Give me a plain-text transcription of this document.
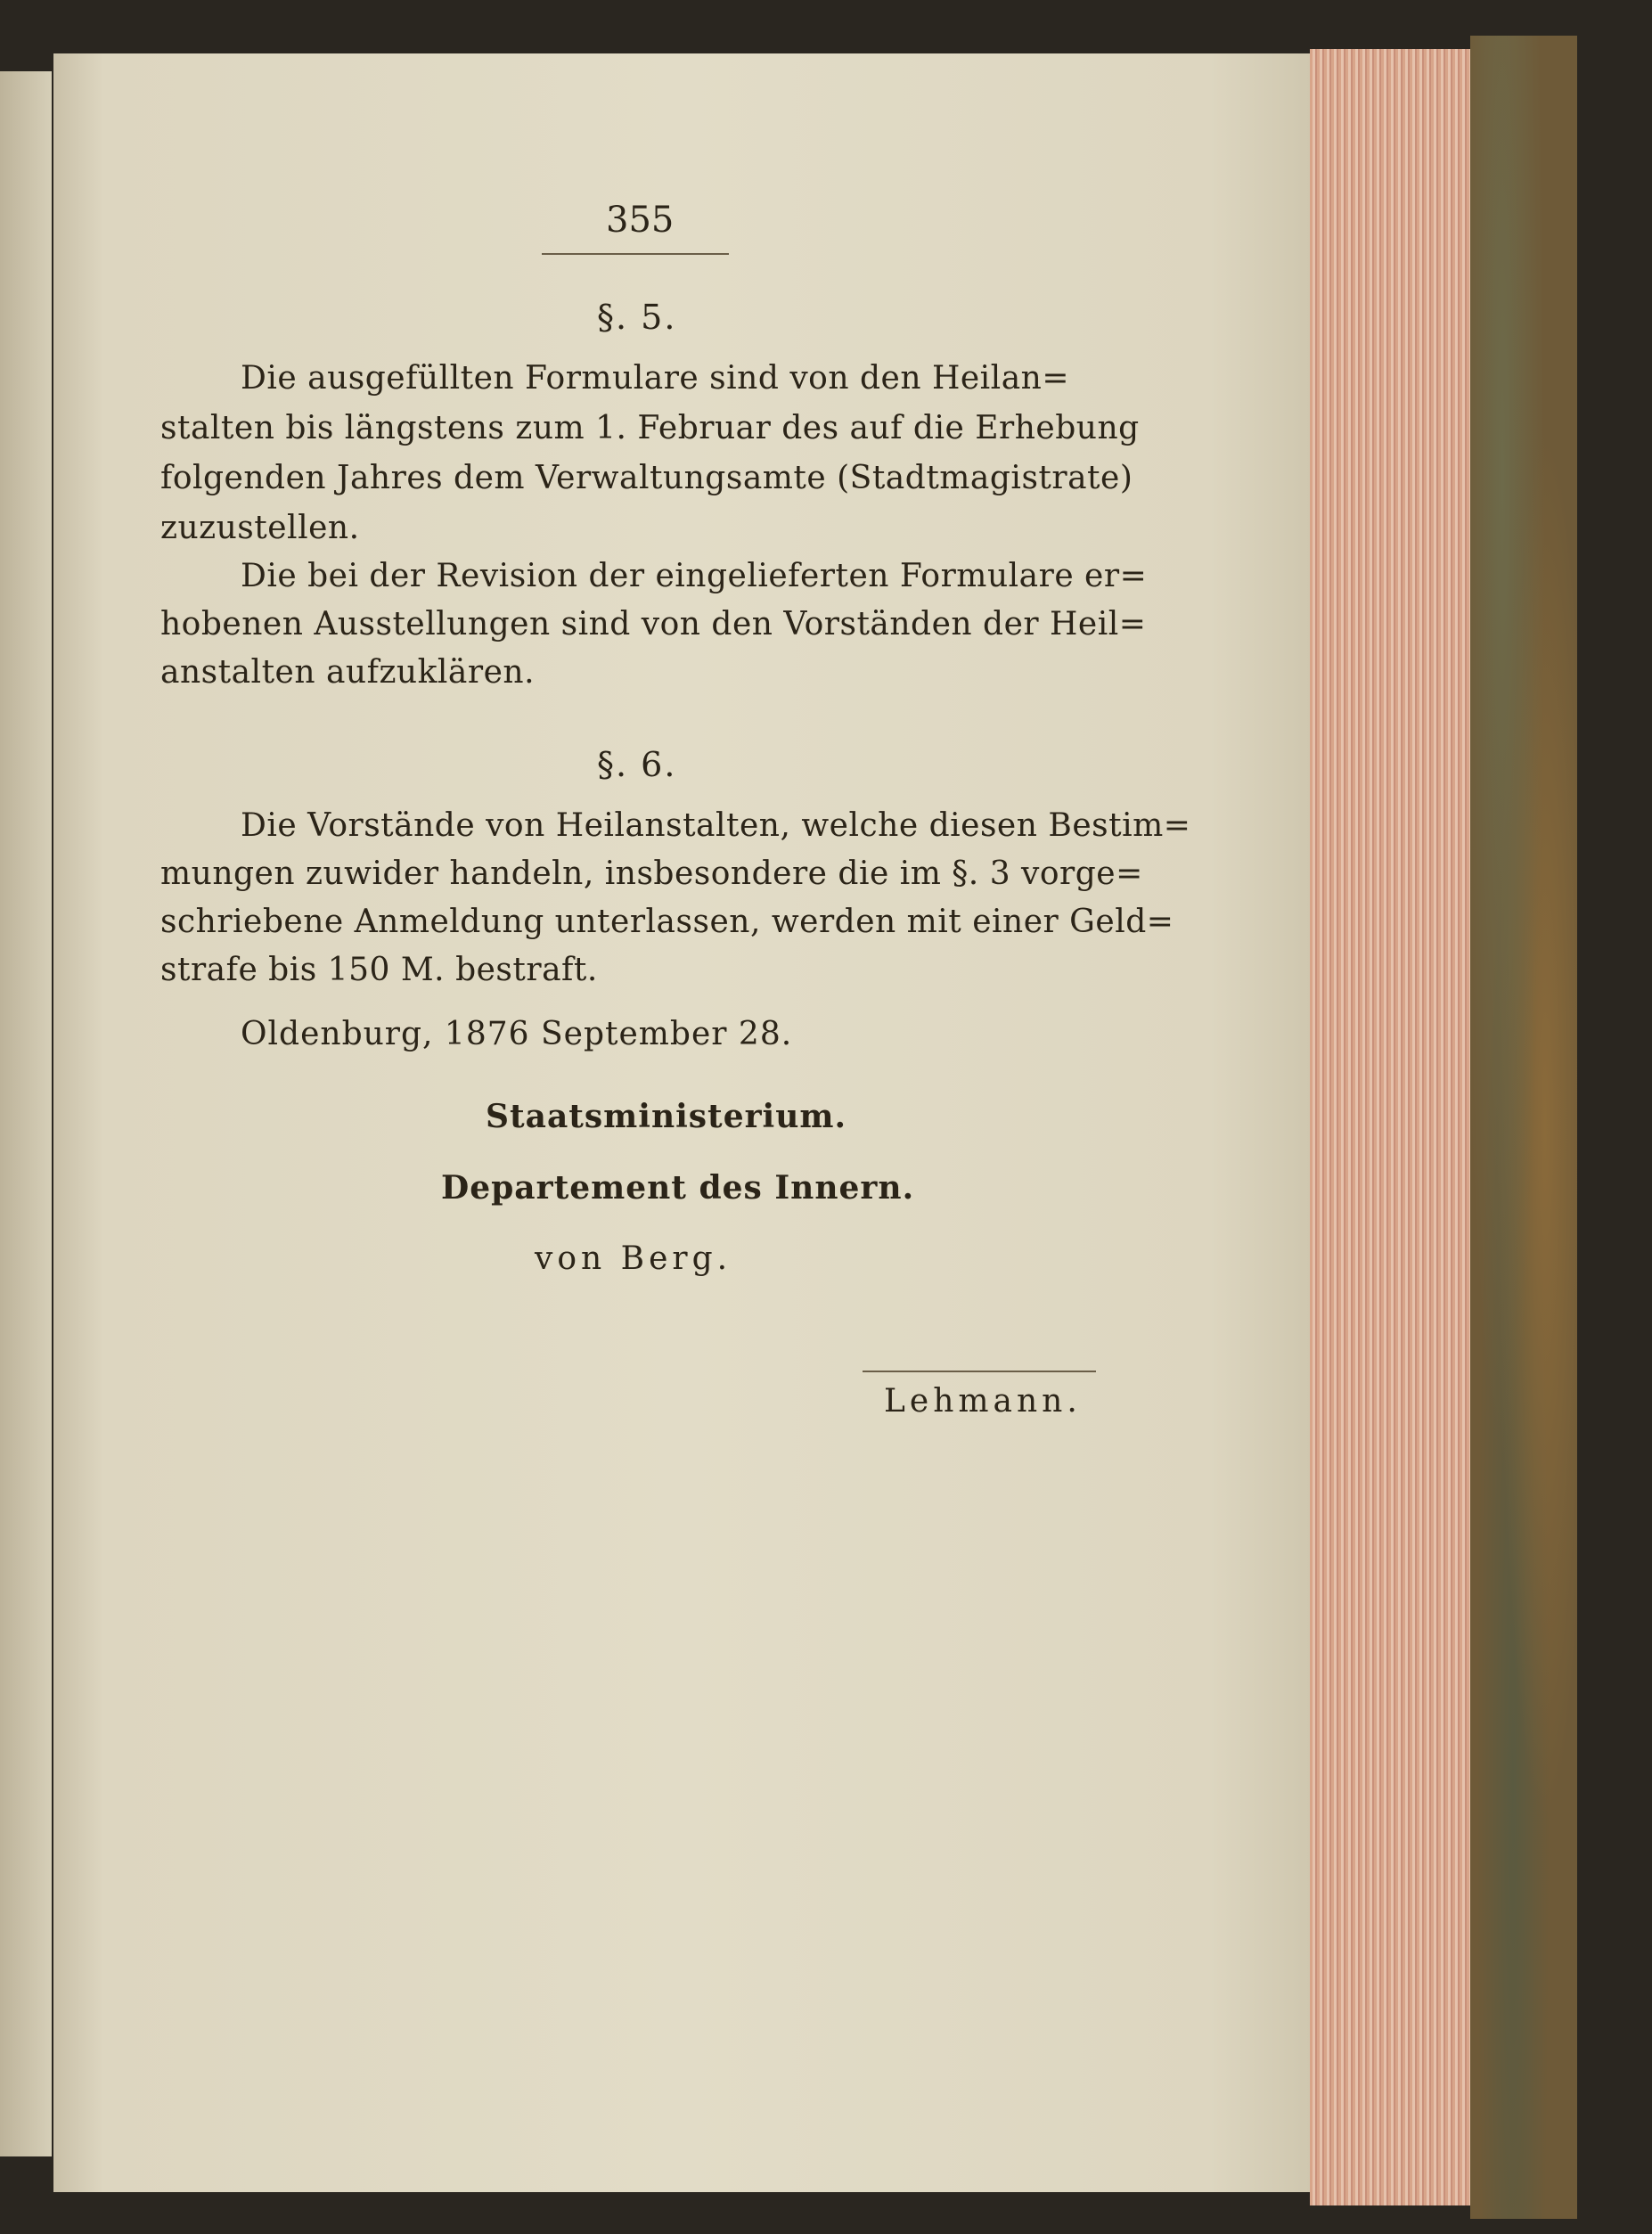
355
§. 5.
Die ausgefüllten Formulare sind von den Heilan=
stalten bis längstens zum 1. Februar des auf die Erhebung
folgenden Jahres dem Verwaltungsamte (Stadtmagistrate)
zuzustellen.
Die bei der Revision der eingelieferten Formulare er=
hobenen Ausstellungen sind von den Vorständen der Heil=
anstalten aufzuklären.
§. 6.
Die Vorstände von Heilanstalten, welche diesen Bestim=
mungen zuwider handeln, insbesondere die im §. 3 vorge=
schriebene Anmeldung unterlassen, werden mit einer Geld=
strafe bis 150 M. bestraft.
Oldenburg, 1876 September 28.
Staatsministerium.
Departement des Innern.
von Berg.
Lehmann.
